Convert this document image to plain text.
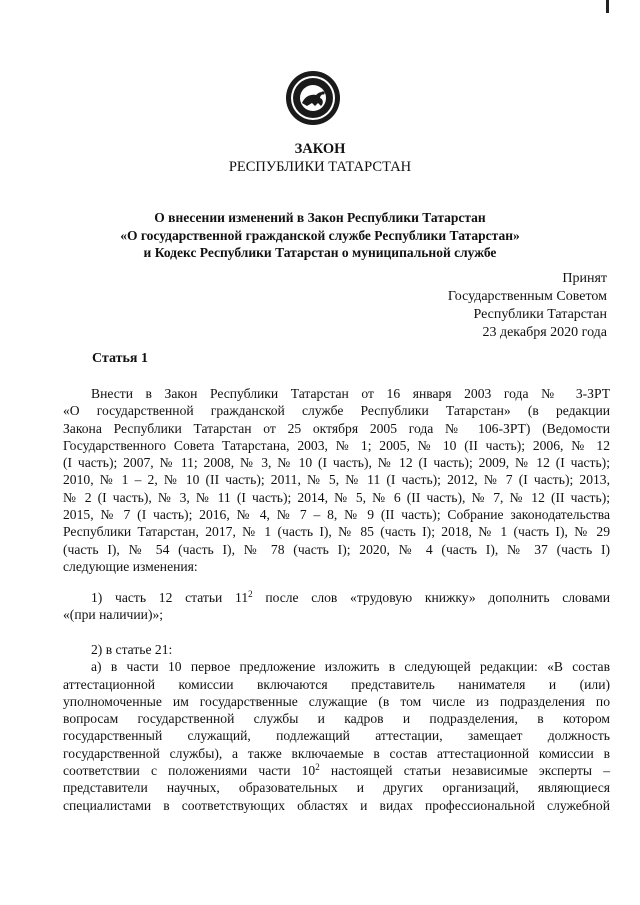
ЗАКОН
РЕСПУБЛИКИ ТАТАРСТАН
О внесении изменений в Закон Республики Татарстан
«О государственной гражданской службе Республики Татарстан»
и Кодекс Республики Татарстан о муниципальной службе
Принят
Государственным Советом
Республики Татарстан
23 декабря 2020 года
Статья 1
Внести в Закон Республики Татарстан от 16 января 2003 года № 3-ЗРТ
«О государственной гражданской службе Республики Татарстан» (в редакции
Закона Республики Татарстан от 25 октября 2005 года № 106-ЗРТ) (Ведомости
Государственного Совета Татарстана, 2003, № 1; 2005, № 10 (II часть); 2006, № 12
(I часть); 2007, № 11; 2008, № 3, № 10 (I часть), № 12 (I часть); 2009, № 12 (I часть);
2010, № 1 – 2, № 10 (II часть); 2011, № 5, № 11 (I часть); 2012, № 7 (I часть); 2013,
№ 2 (I часть), № 3, № 11 (I часть); 2014, № 5, № 6 (II часть), № 7, № 12 (II часть);
2015, № 7 (I часть); 2016, № 4, № 7 – 8, № 9 (II часть); Собрание законодательства
Республики Татарстан, 2017, № 1 (часть I), № 85 (часть I); 2018, № 1 (часть I), № 29
(часть I), № 54 (часть I), № 78 (часть I); 2020, № 4 (часть I), № 37 (часть I)
следующие изменения:
1) часть 12 статьи $11^2$ после слов «трудовую книжку» дополнить словами
«(при наличии)»;
2) в статье 21:
а) в части 10 первое предложение изложить в следующей редакции: «В состав
аттестационной комиссии включаются представитель нанимателя и (или)
уполномоченные им государственные служащие (в том числе из подразделения по
вопросам государственной службы и кадров и подразделения, в котором
государственный служащий, подлежащий аттестации, замещает должность
государственной службы), а также включаемые в состав аттестационной комиссии в
соответствии с положениями части $10^2$ настоящей статьи независимые эксперты –
представители научных, образовательных и других организаций, являющиеся
специалистами в соответствующих областях и видах профессиональной служебной
